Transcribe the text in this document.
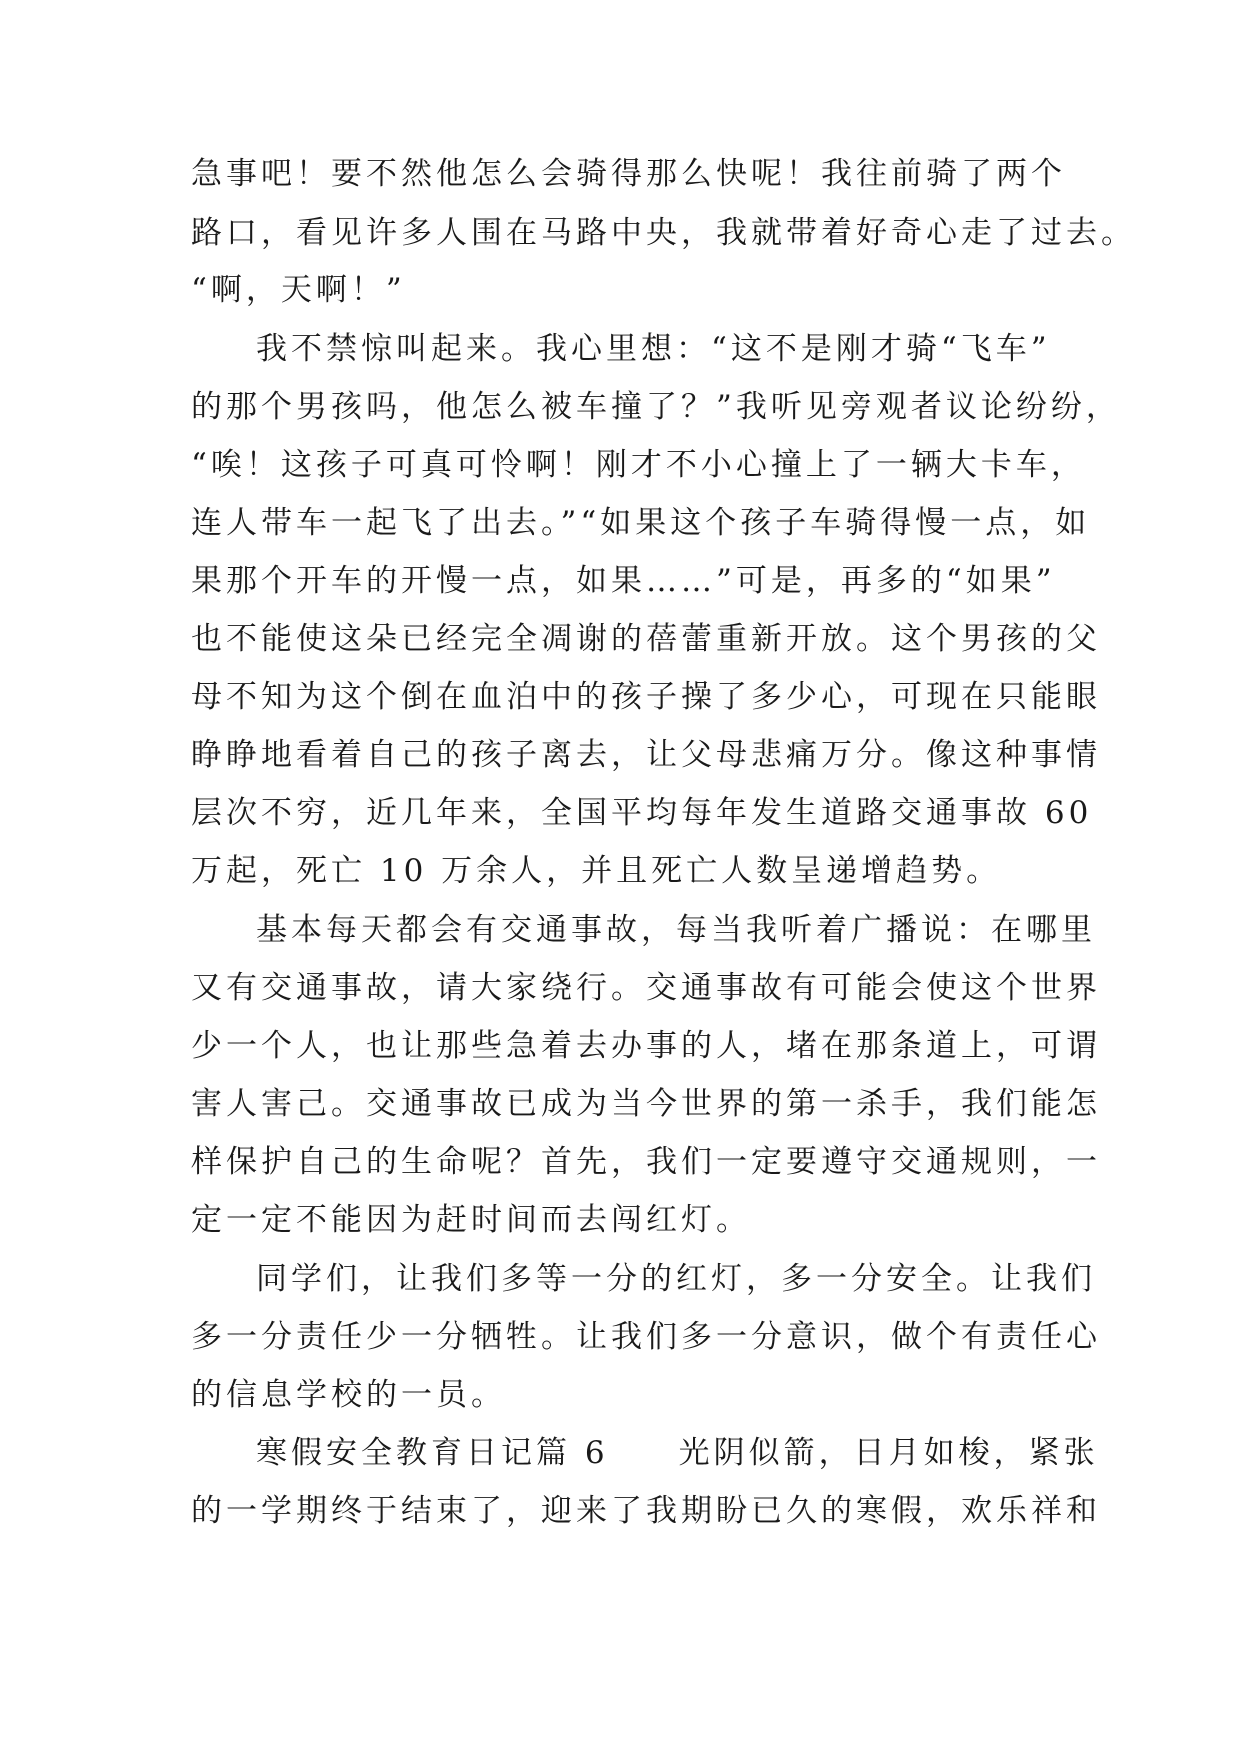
急事吧！要不然他怎么会骑得那么快呢！我往前骑了两个
路口，看见许多人围在马路中央，我就带着好奇心走了过去。
“啊，天啊！”
我不禁惊叫起来。我心里想：“这不是刚才骑“飞车”
的那个男孩吗，他怎么被车撞了？”我听见旁观者议论纷纷，
“唉！这孩子可真可怜啊！刚才不小心撞上了一辆大卡车，
连人带车一起飞了出去。”“如果这个孩子车骑得慢一点，如
果那个开车的开慢一点，如果……”可是，再多的“如果”
也不能使这朵已经完全凋谢的蓓蕾重新开放。这个男孩的父
母不知为这个倒在血泊中的孩子操了多少心，可现在只能眼
睁睁地看着自己的孩子离去，让父母悲痛万分。像这种事情
层次不穷，近几年来，全国平均每年发生道路交通事故 60
万起，死亡 10 万余人，并且死亡人数呈递增趋势。
基本每天都会有交通事故，每当我听着广播说：在哪里
又有交通事故，请大家绕行。交通事故有可能会使这个世界
少一个人，也让那些急着去办事的人，堵在那条道上，可谓
害人害己。交通事故已成为当今世界的第一杀手，我们能怎
样保护自己的生命呢？首先，我们一定要遵守交通规则，一
定一定不能因为赶时间而去闯红灯。
同学们，让我们多等一分的红灯，多一分安全。让我们
多一分责任少一分牺牲。让我们多一分意识，做个有责任心
的信息学校的一员。
寒假安全教育日记篇 6　　光阴似箭，日月如梭，紧张
的一学期终于结束了，迎来了我期盼已久的寒假，欢乐祥和
